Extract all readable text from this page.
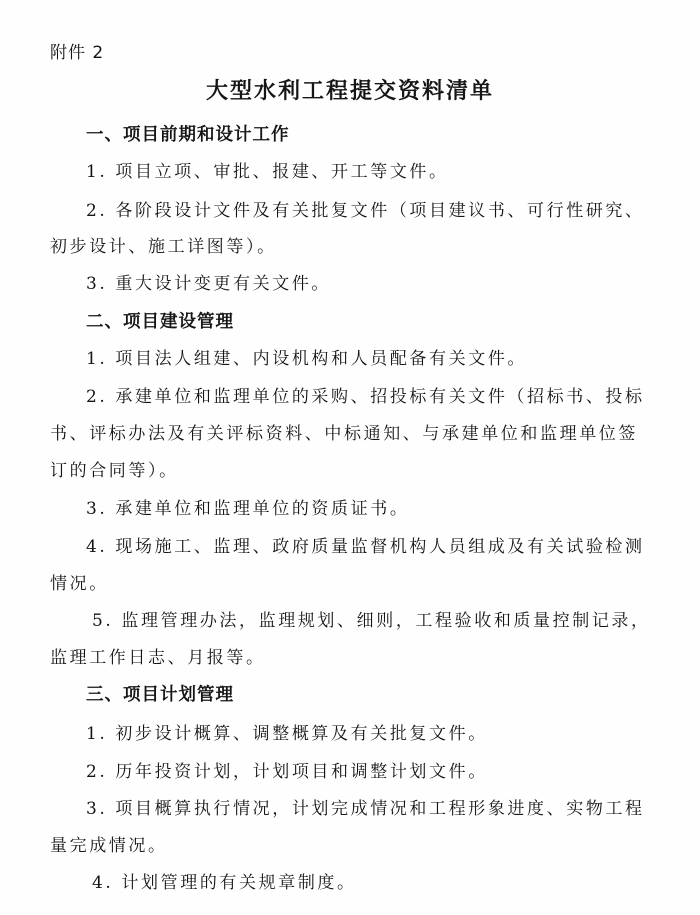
附件 2
大型水利工程提交资料清单
一、项目前期和设计工作
1. 项目立项、审批、报建、开工等文件。
2. 各阶段设计文件及有关批复文件（项目建议书、可行性研究、
初步设计、施工详图等）。
3. 重大设计变更有关文件。
二、项目建设管理
1. 项目法人组建、内设机构和人员配备有关文件。
2. 承建单位和监理单位的采购、招投标有关文件（招标书、投标
书、评标办法及有关评标资料、中标通知、与承建单位和监理单位签
订的合同等）。
3. 承建单位和监理单位的资质证书。
4. 现场施工、监理、政府质量监督机构人员组成及有关试验检测
情况。
5. 监理管理办法，监理规划、细则，工程验收和质量控制记录，
监理工作日志、月报等。
三、项目计划管理
1. 初步设计概算、调整概算及有关批复文件。
2. 历年投资计划，计划项目和调整计划文件。
3. 项目概算执行情况，计划完成情况和工程形象进度、实物工程
量完成情况。
4. 计划管理的有关规章制度。
